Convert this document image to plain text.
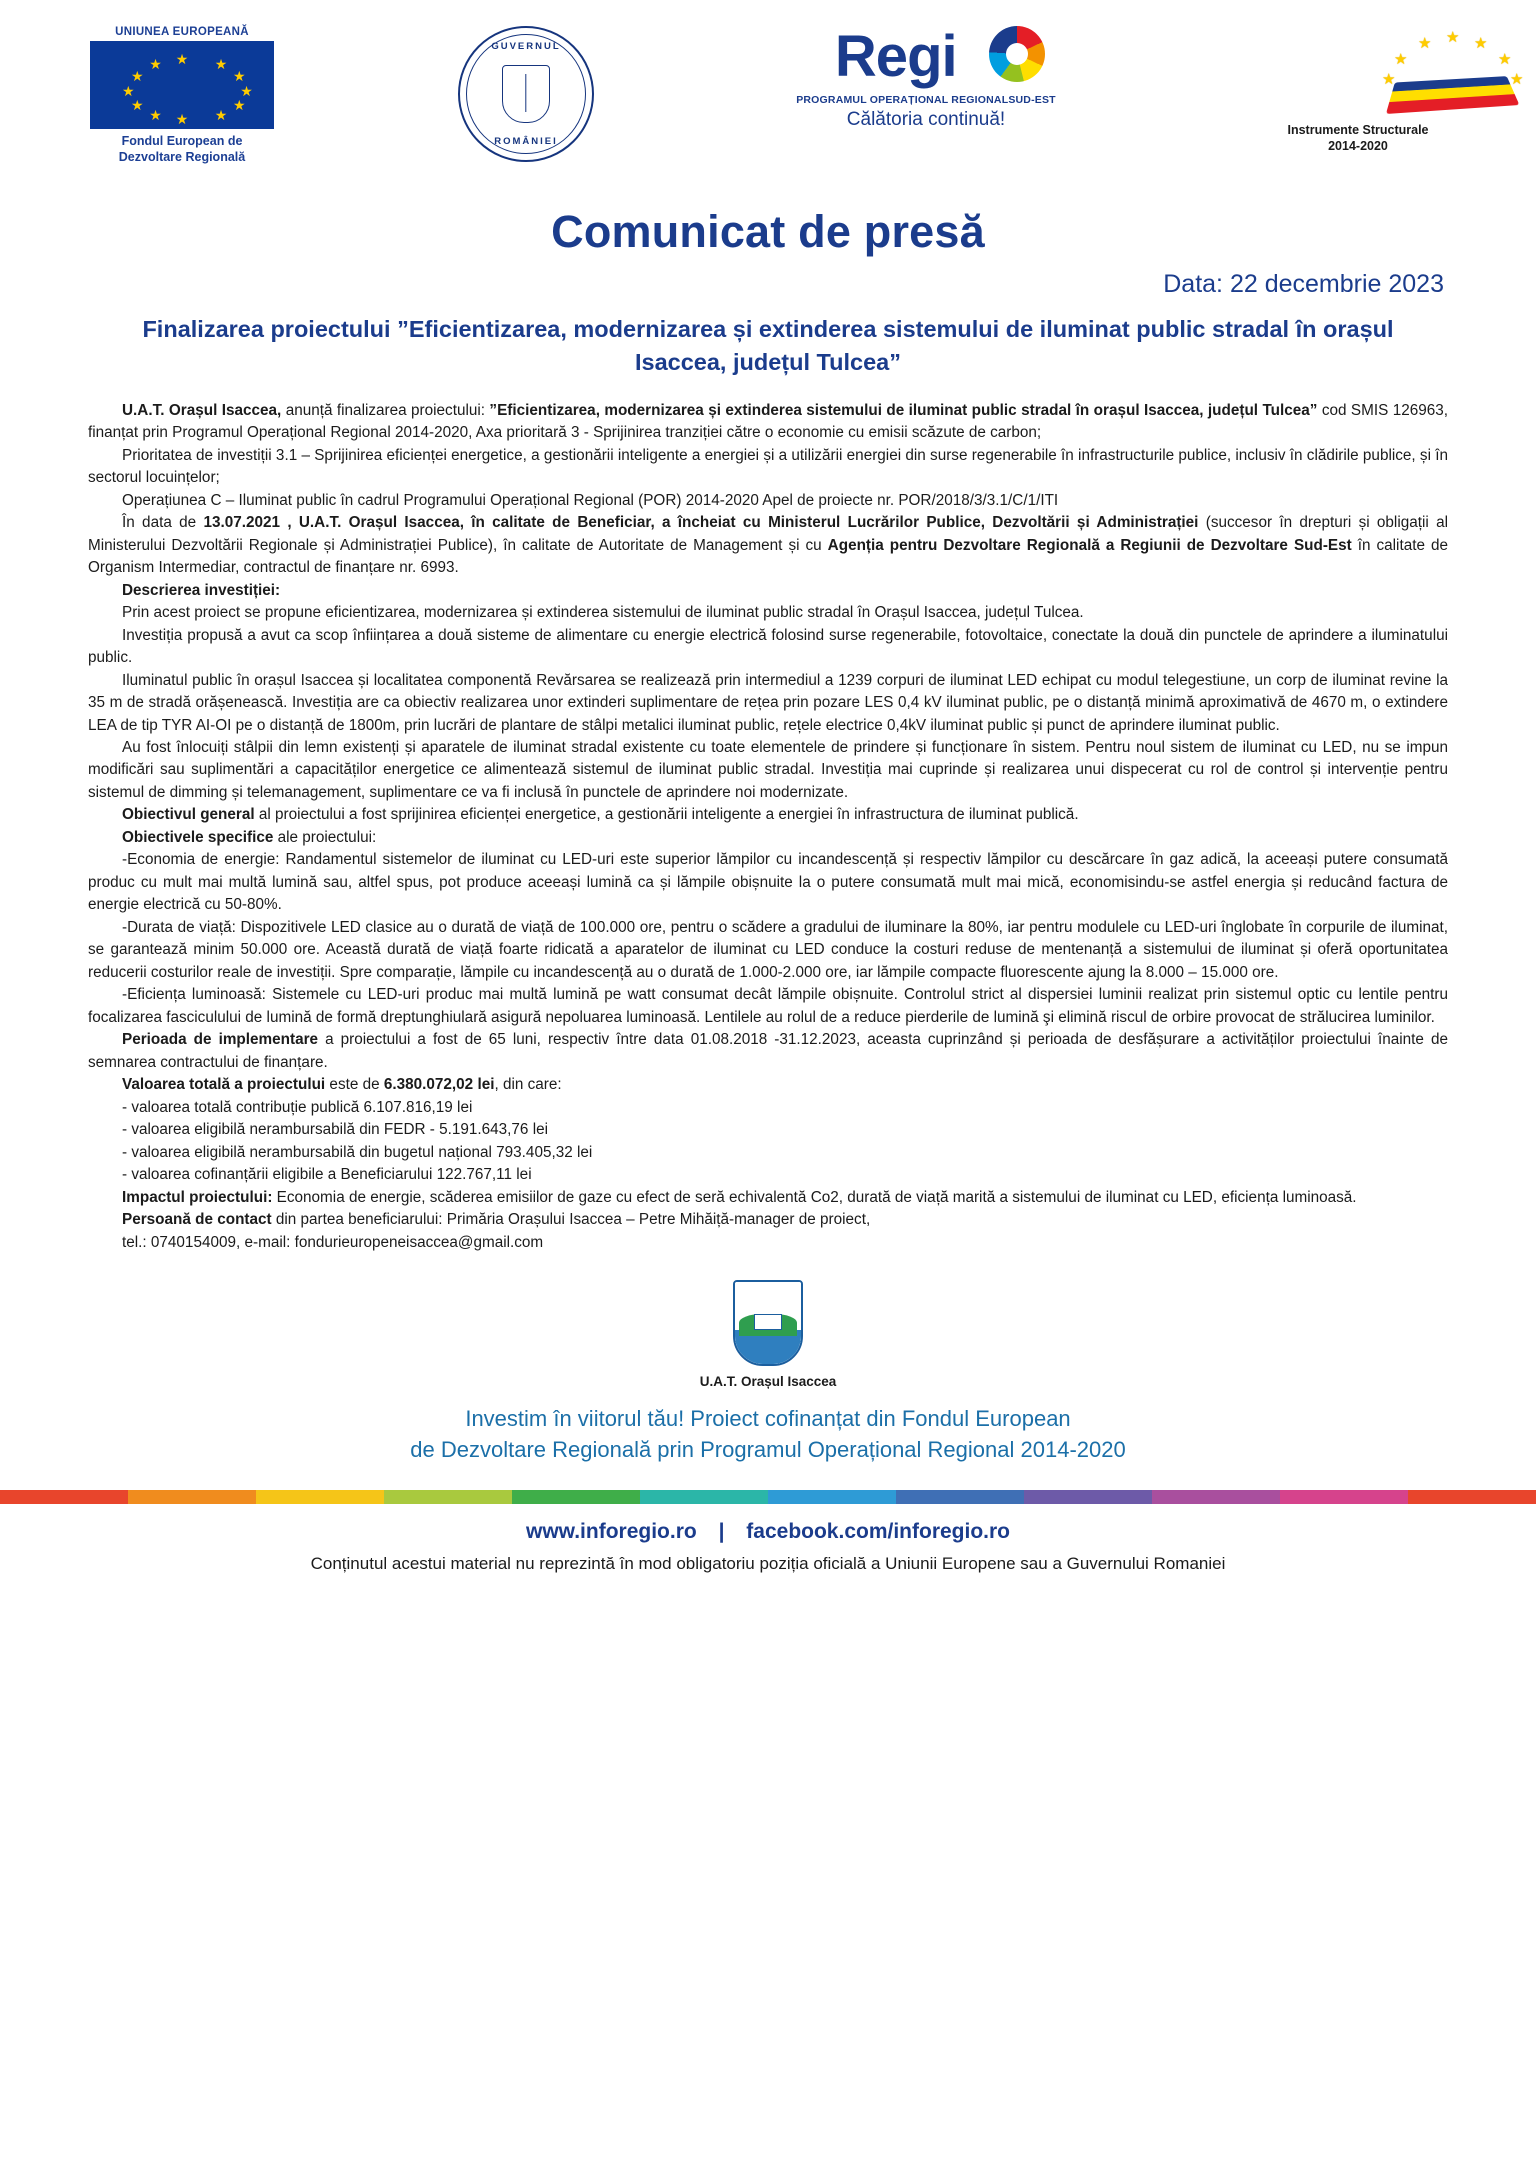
UNIUNEA EUROPEANĂ
★ ★
★
★
★
★
★
★
★
★
★
★
Fondul European de
Dezvoltare Regională
GUVERNUL
ROMÂNIEI
Regi
PROGRAMUL OPERAȚIONAL REGIONAL SUD-EST
Călătoria continuă!
★
★	★
★	★
★	★
Instrumente Structurale
2014-2020
Comunicat de presă
Data: 22 decembrie 2023
Finalizarea proiectului ”Eficientizarea, modernizarea și extinderea sistemului de iluminat public stradal în orașul Isaccea, județul Tulcea”

U.A.T. Orașul Isaccea, anunță finalizarea proiectului: ”Eficientizarea, modernizarea și extinderea sistemului de iluminat public stradal în orașul Isaccea, județul Tulcea” cod SMIS 126963, finanțat prin Programul Operațional Regional 2014-2020, Axa prioritară 3 - Sprijinirea tranziției către o economie cu emisii scăzute de carbon;

Prioritatea de investiții 3.1 – Sprijinirea eficienței energetice, a gestionării inteligente a energiei și a utilizării energiei din surse regenerabile în infrastructurile publice, inclusiv în clădirile publice, și în sectorul locuințelor;

Operațiunea C – Iluminat public în cadrul Programului Operațional Regional (POR) 2014-2020 Apel de proiecte nr. POR/2018/3/3.1/C/1/ITI

În data de 13.07.2021 , U.A.T. Orașul Isaccea, în calitate de Beneficiar, a încheiat cu Ministerul Lucrărilor Publice, Dezvoltării și Administrației (succesor în drepturi și obligații al Ministerului Dezvoltării Regionale și Administrației Publice), în calitate de Autoritate de Management și cu Agenția pentru Dezvoltare Regională a Regiunii de Dezvoltare Sud-Est în calitate de Organism Intermediar, contractul de finanțare nr. 6993.

Descrierea investiției:

Prin acest proiect se propune eficientizarea, modernizarea și extinderea sistemului de iluminat public stradal în Orașul Isaccea, județul Tulcea.

Investiția propusă a avut ca scop înființarea a două sisteme de alimentare cu energie electrică folosind surse regenerabile, fotovoltaice, conectate la două din punctele de aprindere a iluminatului public.

Iluminatul public în orașul Isaccea și localitatea componentă Revărsarea se realizează prin intermediul a 1239 corpuri de iluminat LED echipat cu modul telegestiune, un corp de iluminat revine la 35 m de stradă orășenească. Investiția are ca obiectiv realizarea unor extinderi suplimentare de rețea prin pozare LES 0,4 kV iluminat public, pe o distanță minimă aproximativă de 4670 m, o extindere LEA de tip TYR AI-OI pe o distanță de 1800m, prin lucrări de plantare de stâlpi metalici iluminat public, rețele electrice 0,4kV iluminat public și punct de aprindere iluminat public.

Au fost înlocuiți stâlpii din lemn existenți și aparatele de iluminat stradal existente cu toate elementele de prindere și funcționare în sistem. Pentru noul sistem de iluminat cu LED, nu se impun modificări sau suplimentări a capacităților energetice ce alimentează sistemul de iluminat public stradal. Investiția mai cuprinde și realizarea unui dispecerat cu rol de control și intervenție pentru sistemul de dimming și telemanagement, suplimentare ce va fi inclusă în punctele de aprindere noi modernizate.

Obiectivul general al proiectului a fost sprijinirea eficienței energetice, a gestionării inteligente a energiei în infrastructura de iluminat publică.

Obiectivele specifice ale proiectului:

-Economia de energie: Randamentul sistemelor de iluminat cu LED-uri este superior lămpilor cu incandescență și respectiv lămpilor cu descărcare în gaz adică, la aceeași putere consumată produc cu mult mai multă lumină sau, altfel spus, pot produce aceeași lumină ca și lămpile obișnuite la o putere consumată mult mai mică, economisindu-se astfel energia și reducând factura de energie electrică cu 50-80%.

-Durata de viață: Dispozitivele LED clasice au o durată de viață de 100.000 ore, pentru o scădere a gradului de iluminare la 80%, iar pentru modulele cu LED-uri înglobate în corpurile de iluminat, se garantează minim 50.000 ore. Această durată de viață foarte ridicată a aparatelor de iluminat cu LED conduce la costuri reduse de mentenanță a sistemului de iluminat și oferă oportunitatea reducerii costurilor reale de investiții. Spre comparație, lămpile cu incandescență au o durată de 1.000-2.000 ore, iar lămpile compacte fluorescente ajung la 8.000 – 15.000 ore.

-Eficiența luminoasă: Sistemele cu LED-uri produc mai multă lumină pe watt consumat decât lămpile obișnuite. Controlul strict al dispersiei luminii realizat prin sistemul optic cu lentile pentru focalizarea fasciculului de lumină de formă dreptunghiulară asigură nepoluarea luminoasă. Lentilele au rolul de a reduce pierderile de lumină şi elimină riscul de orbire provocat de strălucirea luminilor.

Perioada de implementare a proiectului a fost de 65 luni, respectiv între data 01.08.2018 -31.12.2023, aceasta cuprinzând și perioada de desfășurare a activităților proiectului înainte de semnarea contractului de finanțare.

Valoarea totală a proiectului este de 6.380.072,02 lei, din care:

- valoarea totală contribuție publică 6.107.816,19 lei

- valoarea eligibilă nerambursabilă din FEDR - 5.191.643,76 lei

- valoarea eligibilă nerambursabilă din bugetul național 793.405,32 lei

- valoarea cofinanțării eligibile a Beneficiarului 122.767,11 lei

Impactul proiectului: Economia de energie, scăderea emisiilor de gaze cu efect de seră echivalentă Co2, durată de viață marită a sistemului de iluminat cu LED, eficiența luminoasă.

Persoană de contact din partea beneficiarului: Primăria Orașului Isaccea – Petre Mihăiță-manager de proiect,

tel.: 0740154009, e-mail: fondurieuropeneisaccea@gmail.com

U.A.T. Orașul Isaccea
Investim în viitorul tău! Proiect cofinanțat din Fondul European
de Dezvoltare Regională prin Programul Operațional Regional 2014-2020
www.inforegio.ro | facebook.com/inforegio.ro
Conținutul acestui material nu reprezintă în mod obligatoriu poziția oficială a Uniunii Europene sau a Guvernului Romaniei
